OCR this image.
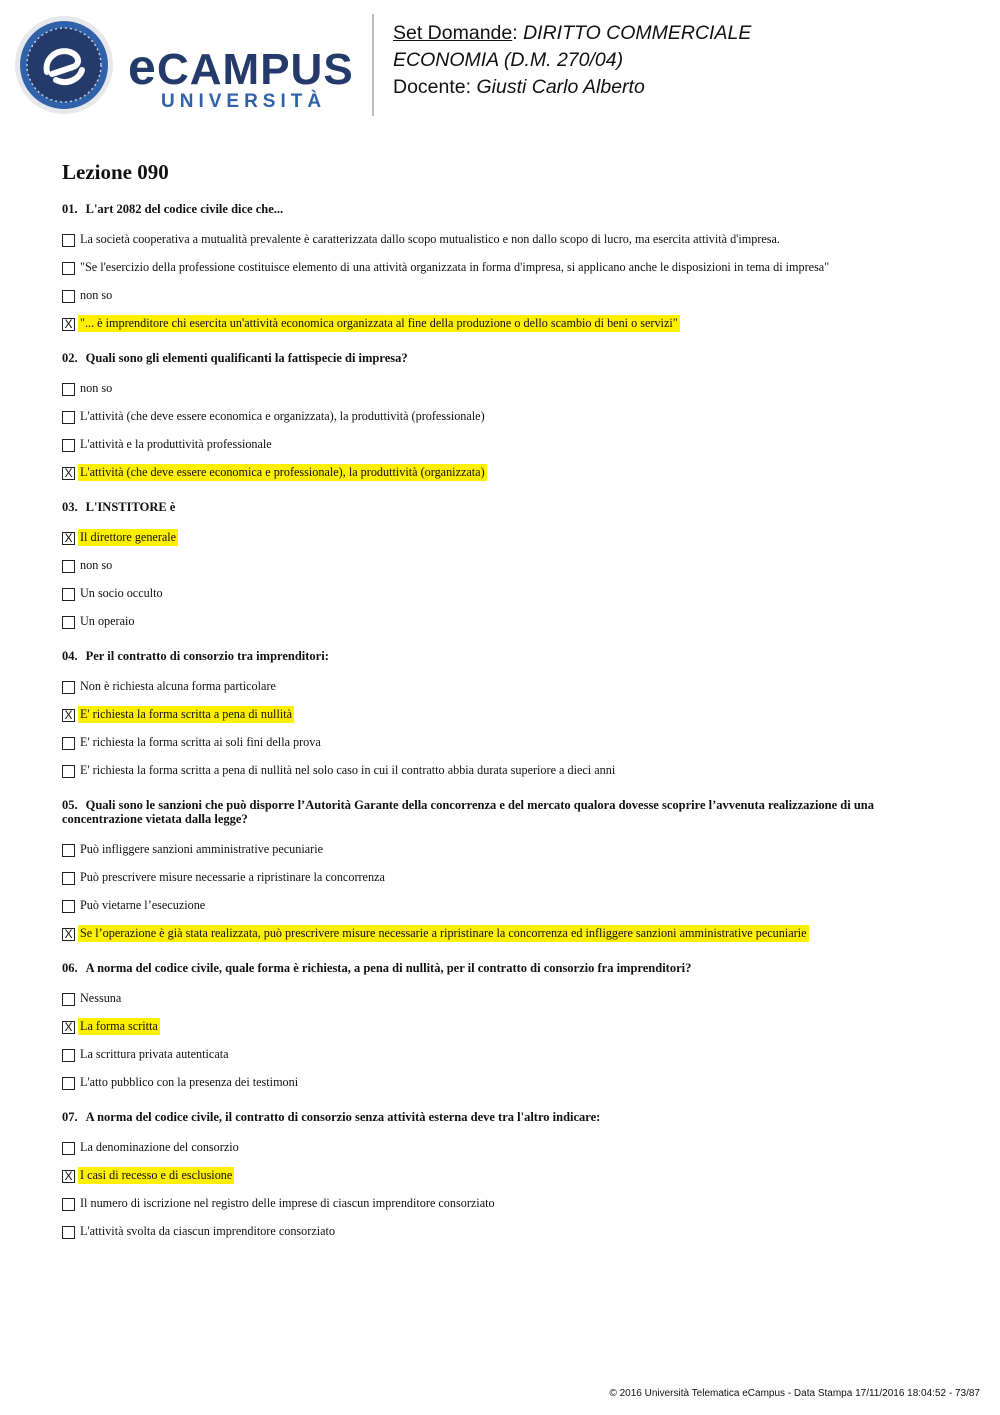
e CAMPUS
UNIVERSITÀ
Set Domande: DIRITTO COMMERCIALE
ECONOMIA (D.M. 270/04)
Docente: Giusti Carlo Alberto
Lezione 090
01. L'art 2082 del codice civile dice che...
La società cooperativa a mutualità prevalente è caratterizzata dallo scopo mutualistico e non dallo scopo di lucro, ma esercita attività d'impresa.
"Se l'esercizio della professione costituisce elemento di una attività organizzata in forma d'impresa, si applicano anche le disposizioni in tema di impresa"
non so
X "... è imprenditore chi esercita un'attività economica organizzata al fine della produzione o dello scambio di beni o servizi"
02. Quali sono gli elementi qualificanti la fattispecie di impresa?
non so
L'attività (che deve essere economica e organizzata), la produttività (professionale)
L'attività e la produttività professionale
X L'attività (che deve essere economica e professionale), la produttività (organizzata)
03. L'INSTITORE è
X Il direttore generale
non so
Un socio occulto
Un operaio
04. Per il contratto di consorzio tra imprenditori:
Non è richiesta alcuna forma particolare
X E' richiesta la forma scritta a pena di nullità
E' richiesta la forma scritta ai soli fini della prova
E' richiesta la forma scritta a pena di nullità nel solo caso in cui il contratto abbia durata superiore a dieci anni
05. Quali sono le sanzioni che può disporre l’Autorità Garante della concorrenza e del mercato qualora dovesse scoprire l’avvenuta realizzazione di una concentrazione vietata dalla legge?
Può infliggere sanzioni amministrative pecuniarie
Può prescrivere misure necessarie a ripristinare la concorrenza
Può vietarne l’esecuzione
X Se l’operazione è già stata realizzata, può prescrivere misure necessarie a ripristinare la concorrenza ed infliggere sanzioni amministrative pecuniarie
06. A norma del codice civile, quale forma è richiesta, a pena di nullità, per il contratto di consorzio fra imprenditori?
Nessuna
X La forma scritta
La scrittura privata autenticata
L'atto pubblico con la presenza dei testimoni
07. A norma del codice civile, il contratto di consorzio senza attività esterna deve tra l'altro indicare:
La denominazione del consorzio
X I casi di recesso e di esclusione
Il numero di iscrizione nel registro delle imprese di ciascun imprenditore consorziato
L'attività svolta da ciascun imprenditore consorziato
© 2016 Università Telematica eCampus - Data Stampa 17/11/2016 18:04:52 - 73/87
